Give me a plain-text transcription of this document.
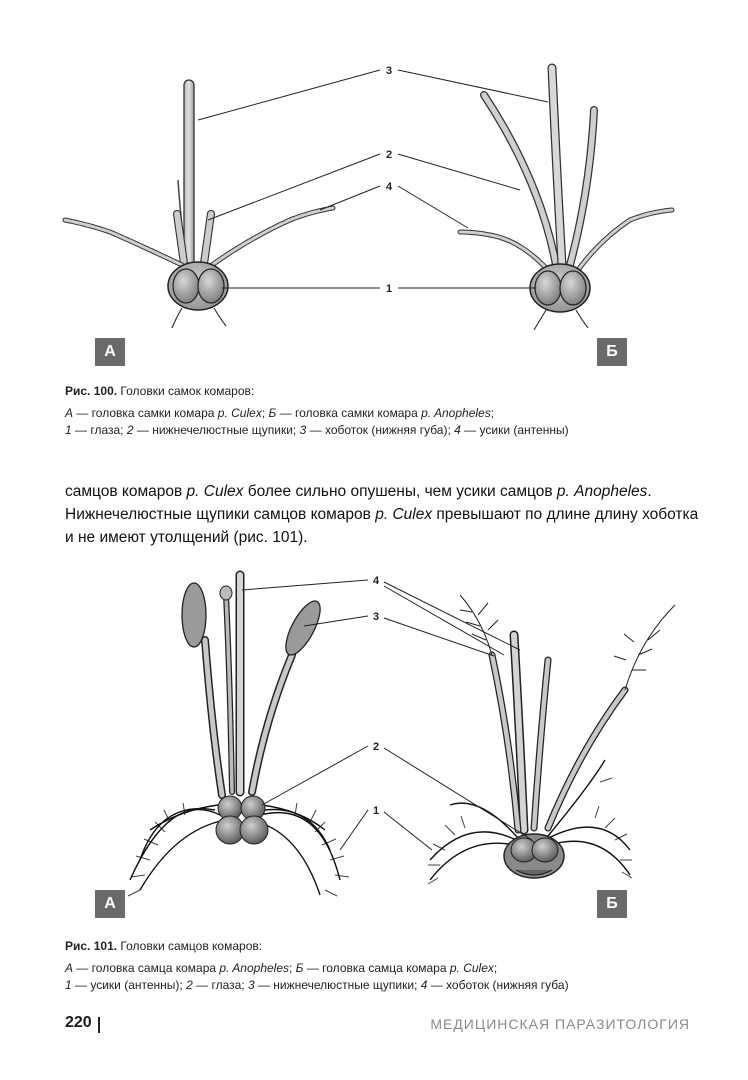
3
2
4
1
А	Б
Рис. 100. Головки самок комаров:
А — головка самки комара p. Culex; Б — головка самки комара p. Anopheles;
1 — глаза; 2 — нижнечелюстные щупики; 3 — хоботок (нижняя губа); 4 — усики (антенны)
самцов комаров р. Culex более сильно опушены, чем усики самцов р. Anopheles. Нижнечелюстные щупики самцов комаров р. Culex превышают по длине длину хоботка и не имеют утолщений (рис. 101).
4
3
2
1
А	Б
Рис. 101. Головки самцов комаров:
А — головка самца комара p. Anopheles; Б — головка самца комара p. Culex;
1 — усики (антенны); 2 — глаза; 3 — нижнечелюстные щупики; 4 — хоботок (нижняя губа)
220	МЕДИЦИНСКАЯ ПАРАЗИТОЛОГИЯ
